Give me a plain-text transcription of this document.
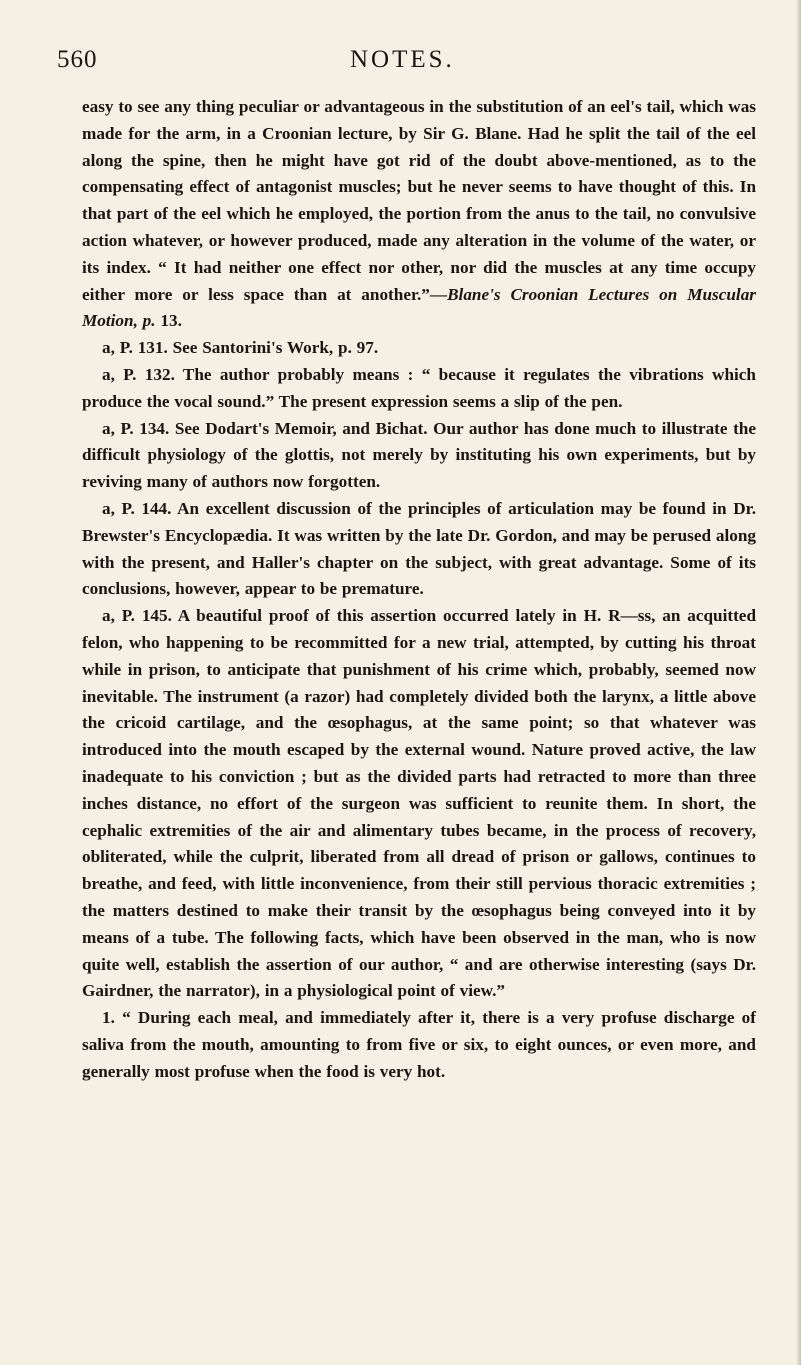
560	NOTES.

easy to see any thing peculiar or advantageous in the substitution of an eel's tail, which was made for the arm, in a Croonian lecture, by Sir G. Blane. Had he split the tail of the eel along the spine, then he might have got rid of the doubt above-mentioned, as to the compensating effect of antagonist muscles; but he never seems to have thought of this. In that part of the eel which he employed, the portion from the anus to the tail, no convulsive action whatever, or however produced, made any alteration in the volume of the water, or its index. “ It had neither one effect nor other, nor did the muscles at any time occupy either more or less space than at another.”—Blane's Croonian Lectures on Muscular Motion, p. 13.

a, P. 131. See Santorini's Work, p. 97.

a, P. 132. The author probably means : “ because it regulates the vibrations which produce the vocal sound.” The present expression seems a slip of the pen.

a, P. 134. See Dodart's Memoir, and Bichat. Our author has done much to illustrate the difficult physiology of the glottis, not merely by instituting his own experiments, but by reviving many of authors now forgotten.

a, P. 144. An excellent discussion of the principles of articulation may be found in Dr. Brewster's Encyclopædia. It was written by the late Dr. Gordon, and may be perused along with the present, and Haller's chapter on the subject, with great advantage. Some of its conclusions, however, appear to be premature.

a, P. 145. A beautiful proof of this assertion occurred lately in H. R—ss, an acquitted felon, who happening to be recommitted for a new trial, attempted, by cutting his throat while in prison, to anticipate that punishment of his crime which, probably, seemed now inevitable. The instrument (a razor) had completely divided both the larynx, a little above the cricoid cartilage, and the œsophagus, at the same point; so that whatever was introduced into the mouth escaped by the external wound. Nature proved active, the law inadequate to his conviction ; but as the divided parts had retracted to more than three inches distance, no effort of the surgeon was sufficient to reunite them. In short, the cephalic extremities of the air and alimentary tubes became, in the process of recovery, obliterated, while the culprit, liberated from all dread of prison or gallows, continues to breathe, and feed, with little inconvenience, from their still pervious thoracic extremities ; the matters destined to make their transit by the œsophagus being conveyed into it by means of a tube. The following facts, which have been observed in the man, who is now quite well, establish the assertion of our author, “ and are otherwise interesting (says Dr. Gairdner, the narrator), in a physiological point of view.”

1. “ During each meal, and immediately after it, there is a very profuse discharge of saliva from the mouth, amounting to from five or six, to eight ounces, or even more, and generally most profuse when the food is very hot.
